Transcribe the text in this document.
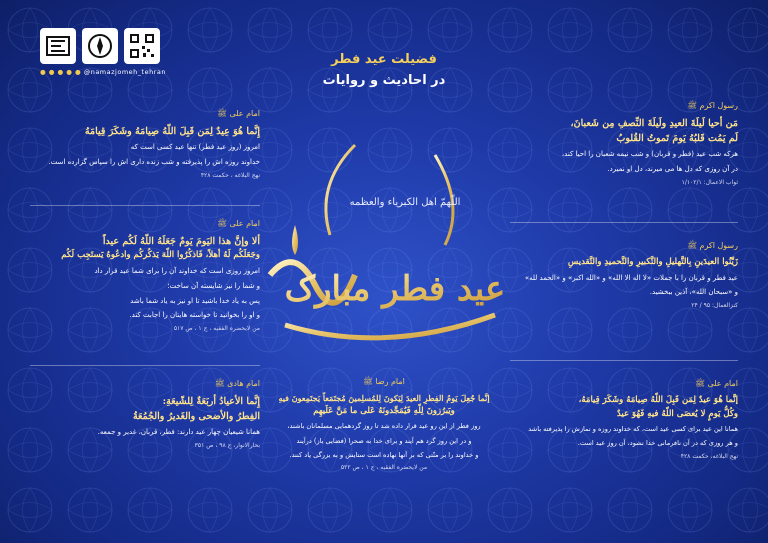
● ● ● ● ● @namazjomeh_tehran
فضیلت عید فطر
در احادیث و روایات
اللّهمّ اهل الکبریاء والعظمه
عید فطر مبارک
امام علی ﷺ
إِنَّما هُوَ عِيدٌ لِمَن قَبِلَ اللّهُ صِيامَهُ وشَكَرَ قِيامَهُ
امروز (روز عید فطر) تنها عید کسی است که
خداوند روزه اش را پذیرفته و شب زنده داری اش را سپاس گزارده است.
نهج البلاغه ، حکمت ۴۲۸
رسول اکرم ﷺ
مَن أحيا لَيلَةَ العيدِ ولَيلَةَ النِّصفِ مِن شَعبانَ،
لَم يَمُت قَلبُهُ يَومَ تَموتُ القُلوبُ
هرکه شب عید (فطر و قربان) و شب نیمه شعبان را احیا کند،
در آن روزی که دل ها می میرند، دل او نمیرد.
ثواب الاعمال: ۱/۱۰۲/۱
امام علی ﷺ
ألا وإنَّ هذا اليَومَ يَومٌ جَعَلَهُ اللّهُ لَكُم عيداً
وجَعَلَكُم لَهُ أهلاً، فَاذكُرُوا اللّهَ يَذكُركُم وادعُوهُ يَستَجِب لَكُم
امروز روزی است که خداوند آن را برای شما عید قرار داد
و شما را نیز شایسته آن ساخت؛
پس به یاد خدا باشید تا او نیز به یاد شما باشد
و او را بخوانید تا خواسته هایتان را اجابت کند.
من لایحضره الفقیه ، ج ۱ ، ص ۵۱۷
رسول اکرم ﷺ
زَيِّنُوا العيدَينِ بِالتَّهليلِ والتَّكبيرِ والتَّحميدِ والتَّقديسِ
عید فطر و قربان را با جملات «لا اله الا الله» و «الله اکبر» و «الحمد لله»
و «سبحان الله»، آذین ببخشید.
کنزالعمال: ۹۵ / ۲۴
امام هادی ﷺ
إِنَّما الأعيادُ أربَعَةٌ لِلشّيعَةِ:
الفِطرُ والأضحى والغَديرُ والجُمُعَةُ
همانا شیعیان چهار عید دارند: فطر، قربان، غدیر و جمعه.
بحارالانوار، ج ۹۸ ، ص ۳۵۱
امام رضا ﷺ
إنَّما جُعِلَ يَومُ الفِطرِ العيدَ لِيَكونَ لِلمُسلِمينَ مُجتَمَعاً يَجتَمِعونَ فيهِ
ويَبرُزونَ لِلّهِ فَيُمَجِّدونَهُ عَلى ما مَنَّ عَلَيهِم
روز فطر از این رو عید قرار داده شد تا روز گردهمایی مسلمانان باشند،
و در این روز گرد هم آیند و برای خدا به صحرا (فضایی باز) درآیند
و خداوند را بر منّتی که بر آنها نهاده است ستایش و به بزرگی یاد کنند.
من لایحضره الفقیه ، ج ۱ ، ص ۵۲۲
امام علی ﷺ
إنَّما هُوَ عيدٌ لِمَن قَبِلَ اللّهُ صِيامَهُ وشَكَرَ قِيامَهُ،
وكُلُّ يَومٍ لا يُعصَى اللّهُ فيهِ فَهُوَ عيدٌ
همانا این عید برای کسی عید است، که خداوند روزه و نمازش را پذیرفته باشد
و هر روزی که در آن نافرمانی خدا نشود، آن روز عید است.
نهج البلاغه، حکمت ۴۲۸
